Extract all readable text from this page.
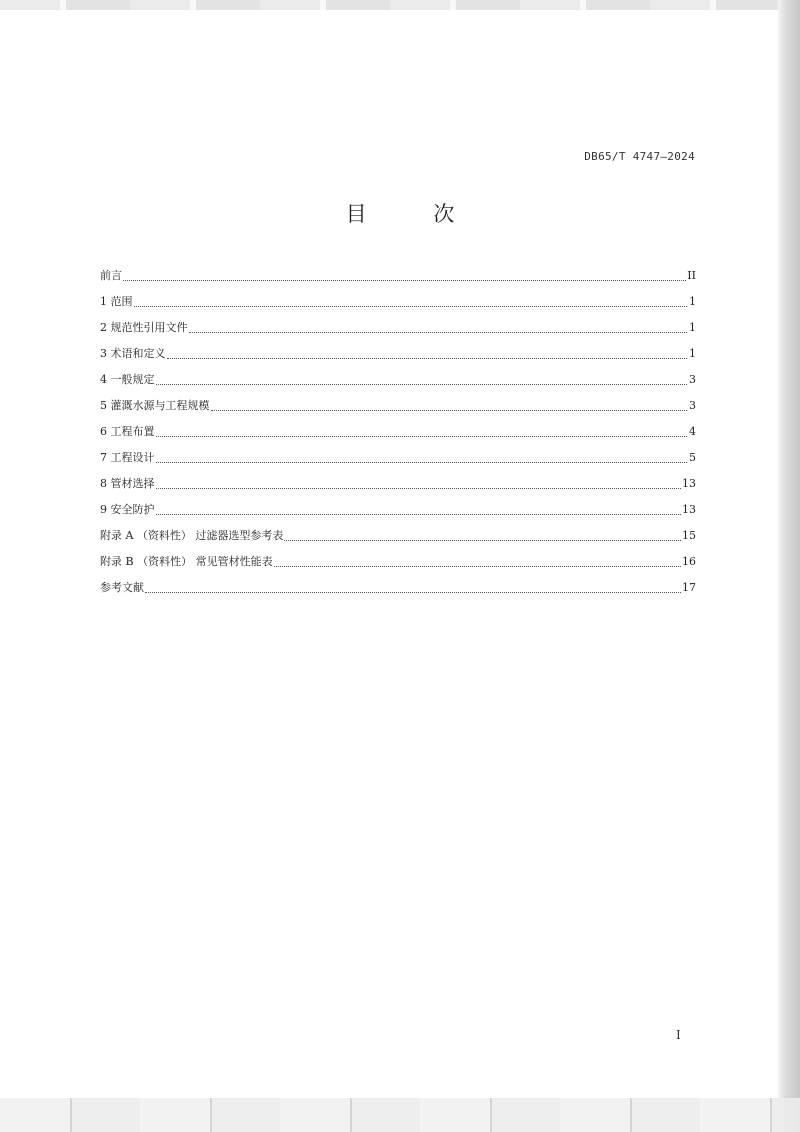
DB65/T 4747—2024
目 次
前言	II
1 范围	1
2 规范性引用文件	1
3 术语和定义	1
4 一般规定	3
5 灌溉水源与工程规模	3
6 工程布置	4
7 工程设计	5
8 管材选择	13
9 安全防护	13
附录 A （资料性） 过滤器选型参考表	15
附录 B （资料性） 常见管材性能表	16
参考文献	17
I
